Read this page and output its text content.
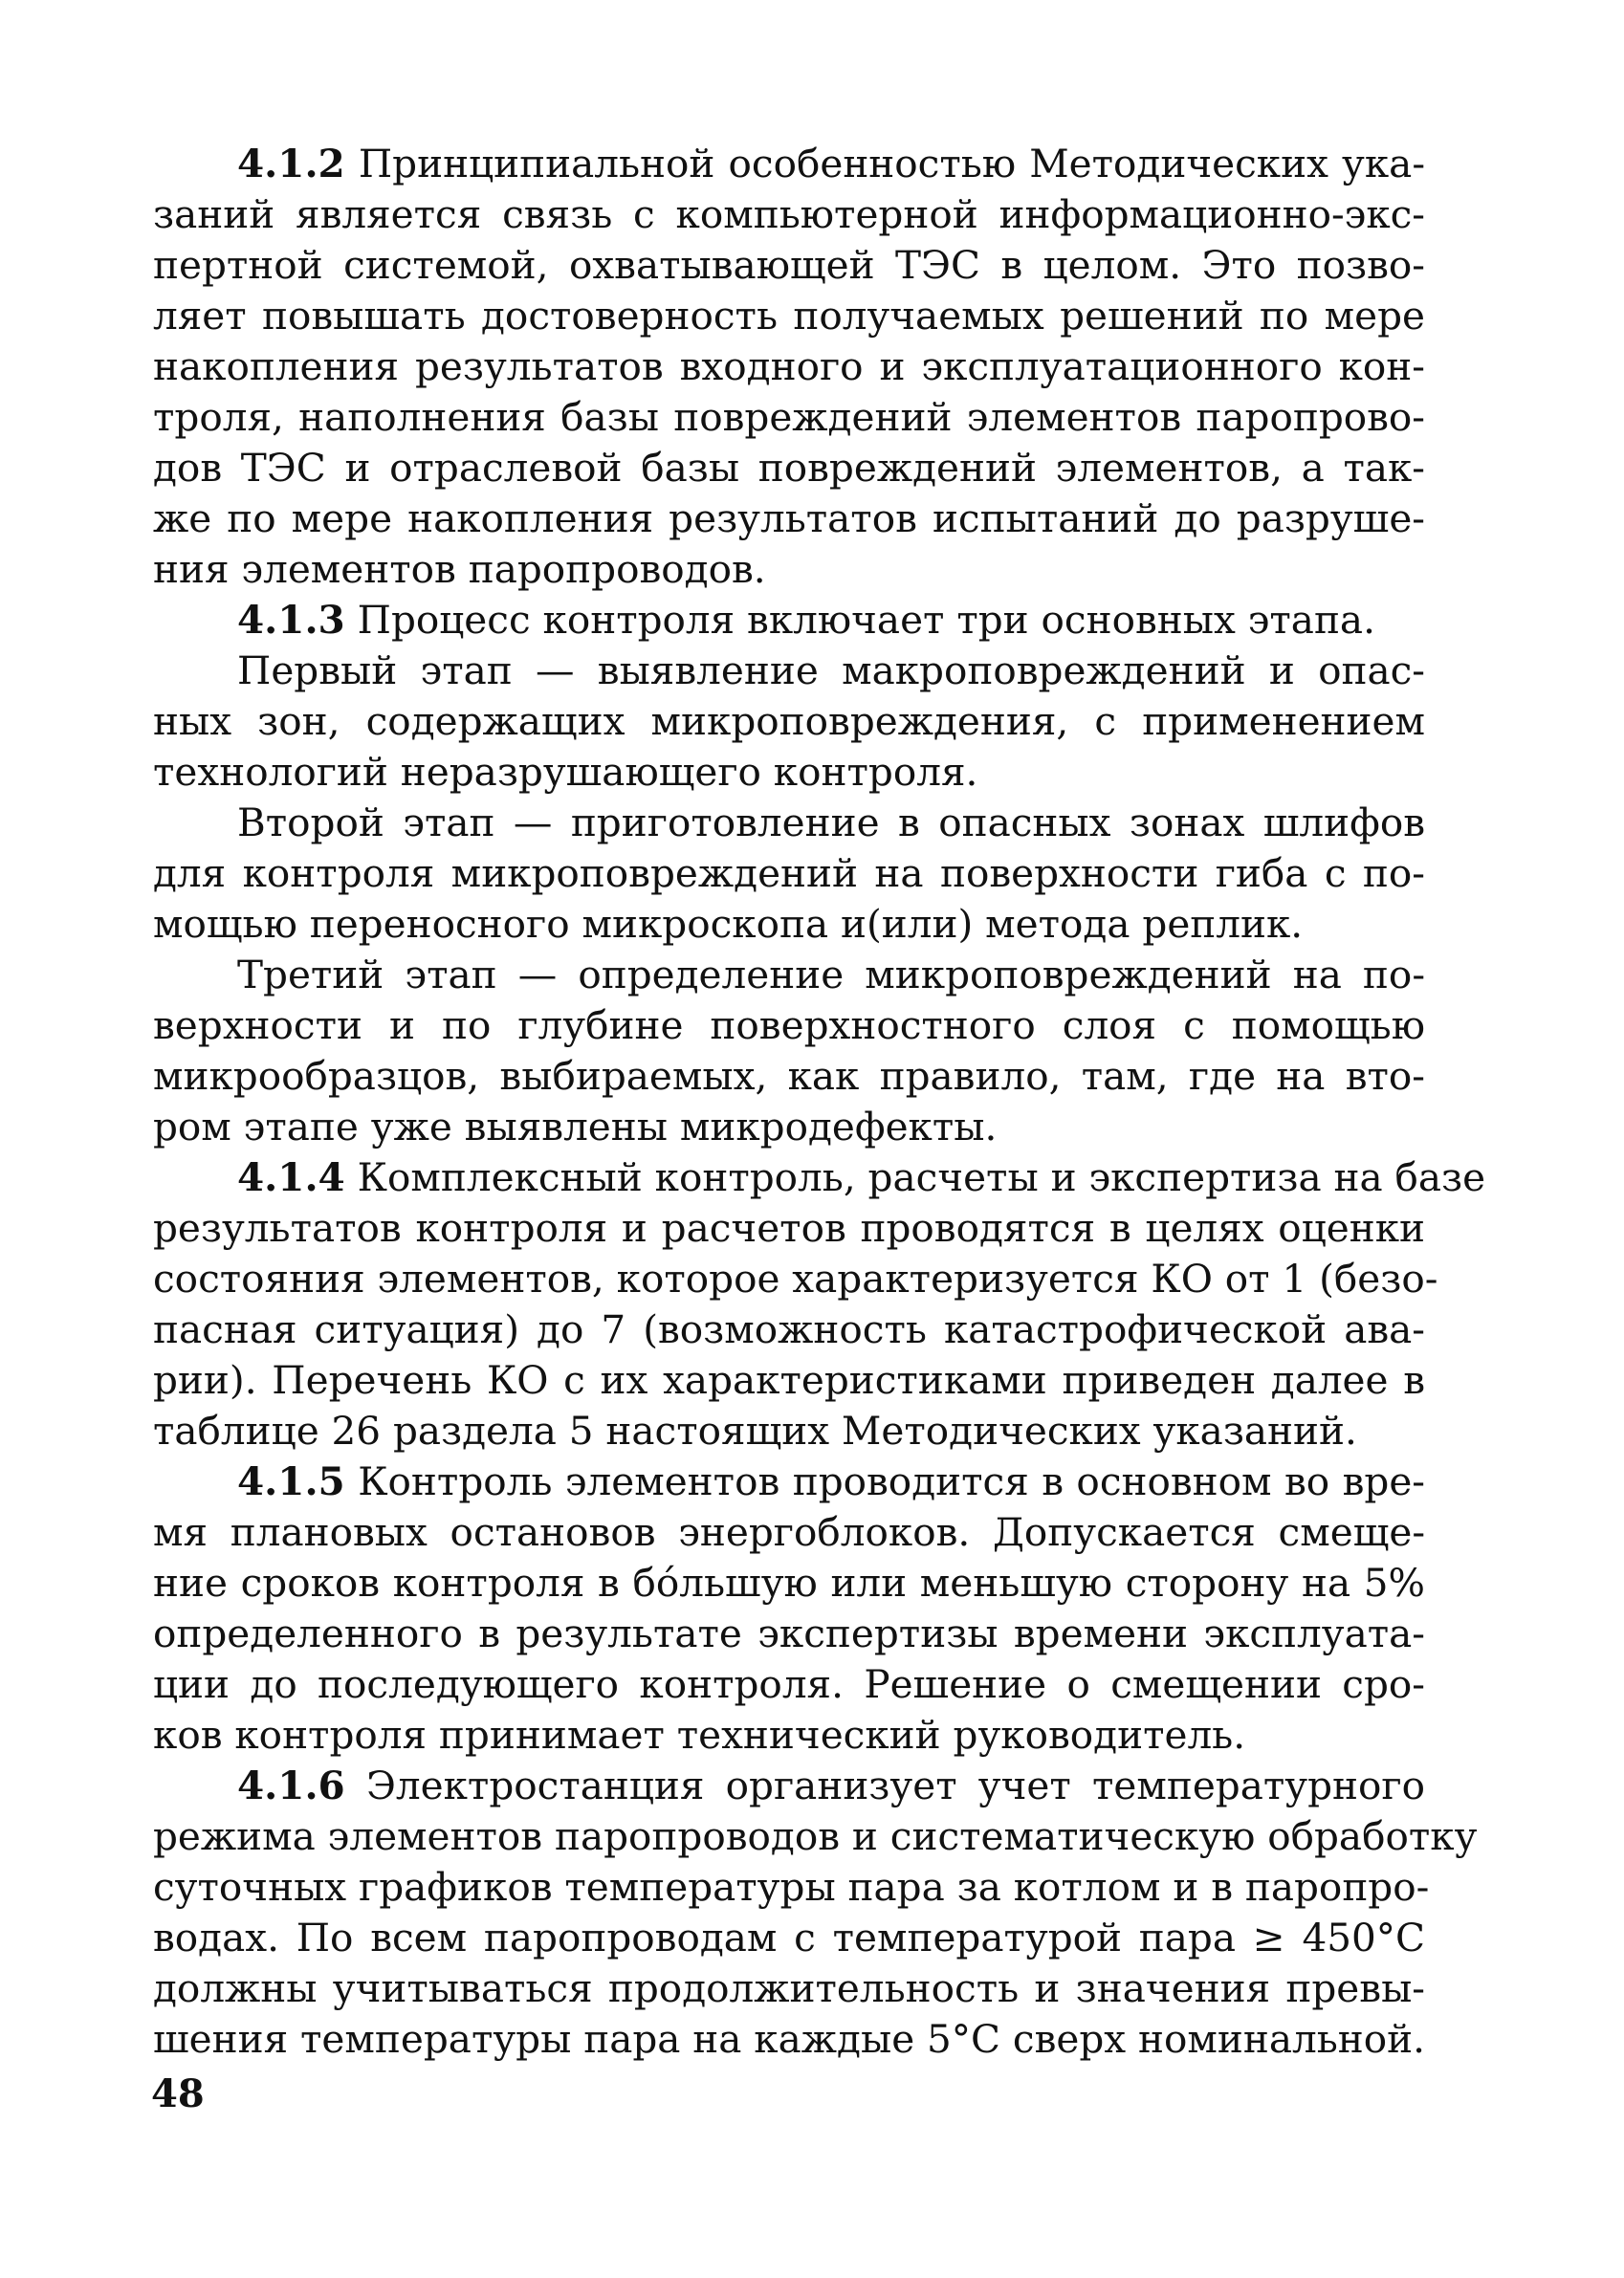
4.1.2 Принципиальной особенностью Методических ука-
заний является связь с компьютерной информационно-экс-
пертной системой, охватывающей ТЭС в целом. Это позво-
ляет повышать достоверность получаемых решений по мере
накопления результатов входного и эксплуатационного кон-
троля, наполнения базы повреждений элементов паропрово-
дов ТЭС и отраслевой базы повреждений элементов, а так-
же по мере накопления результатов испытаний до разруше-
ния элементов паропроводов.
4.1.3 Процесс контроля включает три основных этапа.
Первый этап — выявление макроповреждений и опас-
ных зон, содержащих микроповреждения, с применением
технологий неразрушающего контроля.
Второй этап — приготовление в опасных зонах шлифов
для контроля микроповреждений на поверхности гиба с по-
мощью переносного микроскопа и(или) метода реплик.
Третий этап — определение микроповреждений на по-
верхности и по глубине поверхностного слоя с помощью
микрообразцов, выбираемых, как правило, там, где на вто-
ром этапе уже выявлены микродефекты.
4.1.4 Комплексный контроль, расчеты и экспертиза на базе
результатов контроля и расчетов проводятся в целях оценки
состояния элементов, которое характеризуется КО от 1 (безо-
пасная ситуация) до 7 (возможность катастрофической ава-
рии). Перечень КО с их характеристиками приведен далее в
таблице 26 раздела 5 настоящих Методических указаний.
4.1.5 Контроль элементов проводится в основном во вре-
мя плановых остановов энергоблоков. Допускается смеще-
ние сроков контроля в бóльшую или меньшую сторону на 5%
определенного в результате экспертизы времени эксплуата-
ции до последующего контроля. Решение о смещении сро-
ков контроля принимает технический руководитель.
4.1.6 Электростанция организует учет температурного
режима элементов паропроводов и систематическую обработку
суточных графиков температуры пара за котлом и в паропро-
водах. По всем паропроводам с температурой пара ≥ 450°С
должны учитываться продолжительность и значения превы-
шения температуры пара на каждые 5°С сверх номинальной.
48
